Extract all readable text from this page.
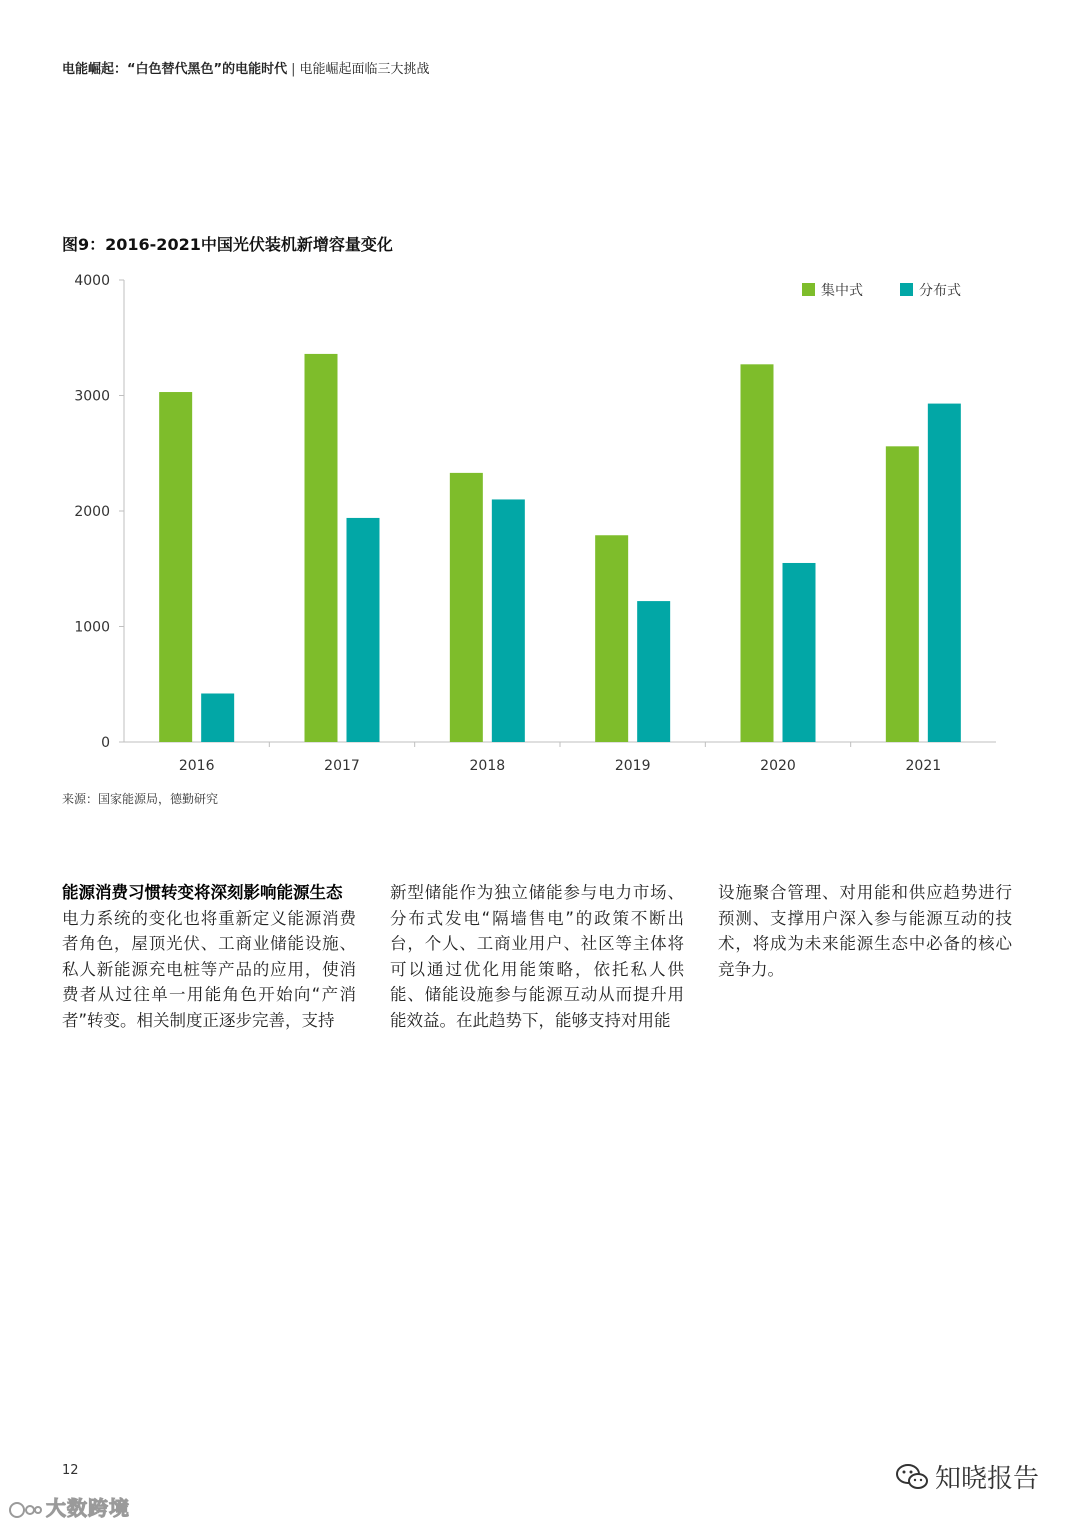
电能崛起：“白色替代黑色”的电能时代 | 电能崛起面临三大挑战
图9：2016-2021中国光伏装机新增容量变化
0
1000
2000
3000
4000
2016	2017	2018	2019	2020	2021
集中式	分布式
来源：国家能源局，德勤研究
能源消费习惯转变将深刻影响能源生态
电力系统的变化也将重新定义能源消费者角色，屋顶光伏、工商业储能设施、私人新能源充电桩等产品的应用，使消费者从过往单一用能角色开始向“产消者”转变。相关制度正逐步完善，支持
新型储能作为独立储能参与电力市场、分布式发电“隔墙售电”的政策不断出台，个人、工商业用户、社区等主体将可以通过优化用能策略，依托私人供能、储能设施参与能源互动从而提升用能效益。在此趋势下，能够支持对用能
设施聚合管理、对用能和供应趋势进行预测、支撑用户深入参与能源互动的技术，将成为未来能源生态中必备的核心竞争力。
12
大数跨境
知晓报告
